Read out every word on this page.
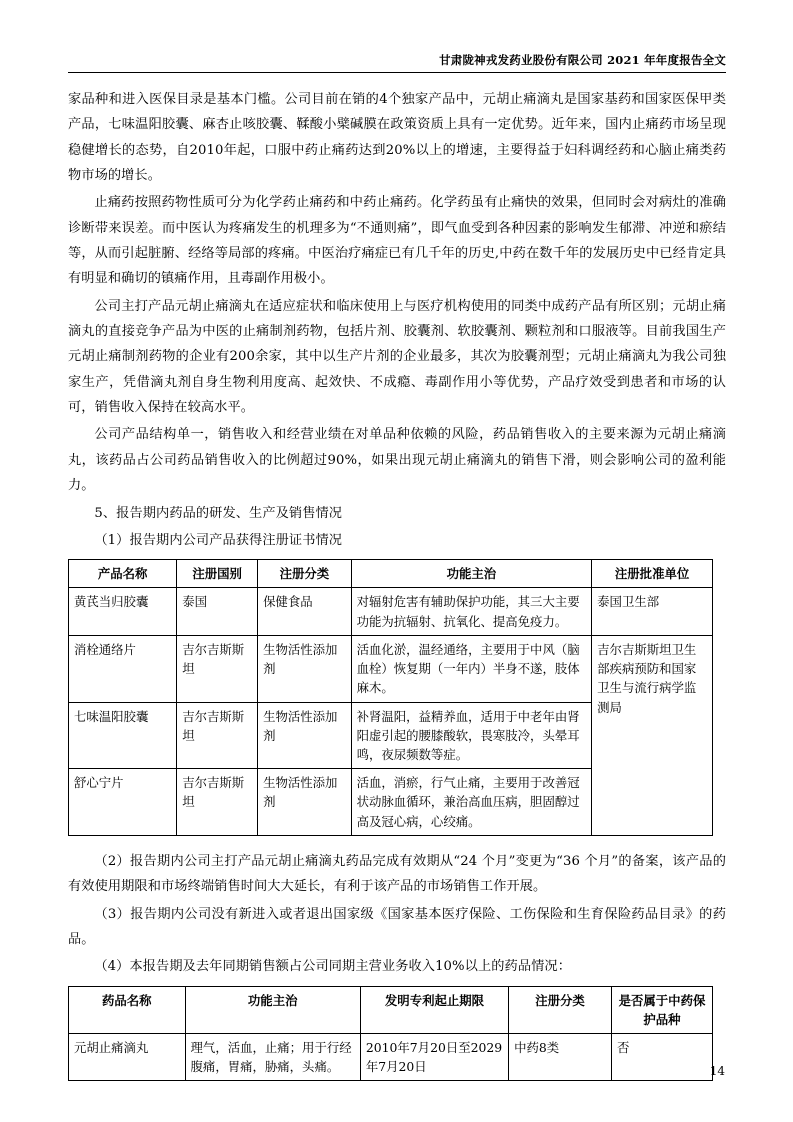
甘肃陇神戎发药业股份有限公司 2021 年年度报告全文

家品种和进入医保目录是基本门槛。公司目前在销的4个独家产品中，元胡止痛滴丸是国家基药和国家医保甲类产品，七味温阳胶囊、麻杏止咳胶囊、鞣酸小檗碱膜在政策资质上具有一定优势。近年来，国内止痛药市场呈现稳健增长的态势，自2010年起，口服中药止痛药达到20%以上的增速，主要得益于妇科调经药和心脑止痛类药物市场的增长。

止痛药按照药物性质可分为化学药止痛药和中药止痛药。化学药虽有止痛快的效果，但同时会对病灶的准确诊断带来误差。而中医认为疼痛发生的机理多为“不通则痛”，即气血受到各种因素的影响发生郁滞、冲逆和瘀结等，从而引起脏腑、经络等局部的疼痛。中医治疗痛症已有几千年的历史,中药在数千年的发展历史中已经肯定具有明显和确切的镇痛作用，且毒副作用极小。

公司主打产品元胡止痛滴丸在适应症状和临床使用上与医疗机构使用的同类中成药产品有所区别；元胡止痛滴丸的直接竞争产品为中医的止痛制剂药物，包括片剂、胶囊剂、软胶囊剂、颗粒剂和口服液等。目前我国生产元胡止痛制剂药物的企业有200余家，其中以生产片剂的企业最多，其次为胶囊剂型；元胡止痛滴丸为我公司独家生产，凭借滴丸剂自身生物利用度高、起效快、不成瘾、毒副作用小等优势，产品疗效受到患者和市场的认可，销售收入保持在较高水平。

公司产品结构单一，销售收入和经营业绩在对单品种依赖的风险，药品销售收入的主要来源为元胡止痛滴丸，该药品占公司药品销售收入的比例超过90%，如果出现元胡止痛滴丸的销售下滑，则会影响公司的盈利能力。

5、报告期内药品的研发、生产及销售情况

（1）报告期内公司产品获得注册证书情况

产品名称	注册国别	注册分类	功能主治	注册批准单位
黄芪当归胶囊	泰国	保健食品	对辐射危害有辅助保护功能，其三大主要功能为抗辐射、抗氧化、提高免疫力。	泰国卫生部
消栓通络片	吉尔吉斯斯坦	生物活性添加剂	活血化淤，温经通络，主要用于中风（脑血栓）恢复期（一年内）半身不遂，肢体麻木。	吉尔吉斯斯坦卫生部疾病预防和国家卫生与流行病学监测局
七味温阳胶囊	吉尔吉斯斯坦	生物活性添加剂	补肾温阳，益精养血，适用于中老年由肾阳虚引起的腰膝酸软，畏寒肢冷，头晕耳鸣，夜尿频数等症。	
舒心宁片	吉尔吉斯斯坦	生物活性添加剂	活血，消瘀，行气止痛，主要用于改善冠状动脉血循环，兼治高血压病，胆固醇过高及冠心病，心绞痛。	

（2）报告期内公司主打产品元胡止痛滴丸药品完成有效期从“24 个月”变更为“36 个月”的备案，该产品的有效使用期限和市场终端销售时间大大延长，有利于该产品的市场销售工作开展。

（3）报告期内公司没有新进入或者退出国家级《国家基本医疗保险、工伤保险和生育保险药品目录》的药品。

（4）本报告期及去年同期销售额占公司同期主营业务收入10%以上的药品情况：

药品名称	功能主治	发明专利起止期限	注册分类	是否属于中药保护品种
元胡止痛滴丸	理气，活血，止痛；用于行经腹痛，胃痛，胁痛，头痛。	2010年7月20日至2029年7月20日	中药8类	否
14
